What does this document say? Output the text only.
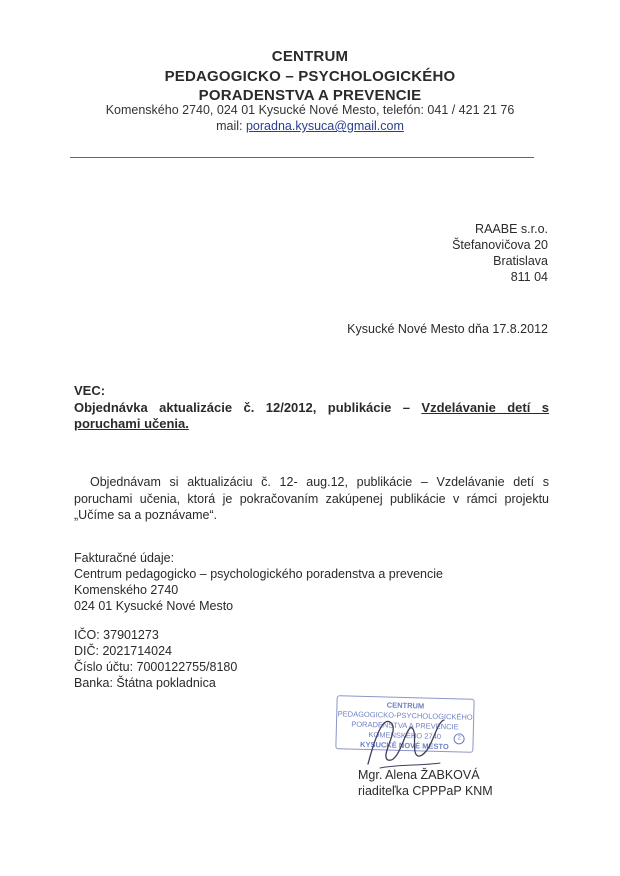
CENTRUM
PEDAGOGICKO – PSYCHOLOGICKÉHO
PORADENSTVA A PREVENCIE
Komenského 2740, 024 01 Kysucké Nové Mesto, telefón: 041 / 421 21 76
mail: poradna.kysuca@gmail.com
RAABE s.r.o.
Štefanovičova 20
Bratislava
811 04
Kysucké Nové Mesto dňa 17.8.2012
VEC:
Objednávka aktualizácie č. 12/2012, publikácie – Vzdelávanie detí s poruchami učenia.
Objednávam si aktualizáciu č. 12- aug.12, publikácie – Vzdelávanie detí s poruchami učenia, ktorá je pokračovaním zakúpenej publikácie v rámci projektu „Učíme sa a poznávame“.
Fakturačné údaje:
Centrum pedagogicko – psychologického poradenstva a prevencie
Komenského 2740
024 01 Kysucké Nové Mesto
IČO: 37901273
DIČ: 2021714024
Číslo účtu: 7000122755/8180
Banka: Štátna pokladnica
CENTRUM
PEDAGOGICKO-PSYCHOLOGICKÉHO
PORADENSTVA A PREVENCIE
KOMENSKÉHO 2740
KYSUCKÉ NOVÉ MESTO
2
Mgr. Alena ŽABKOVÁ
riaditeľka CPPPaP KNM
